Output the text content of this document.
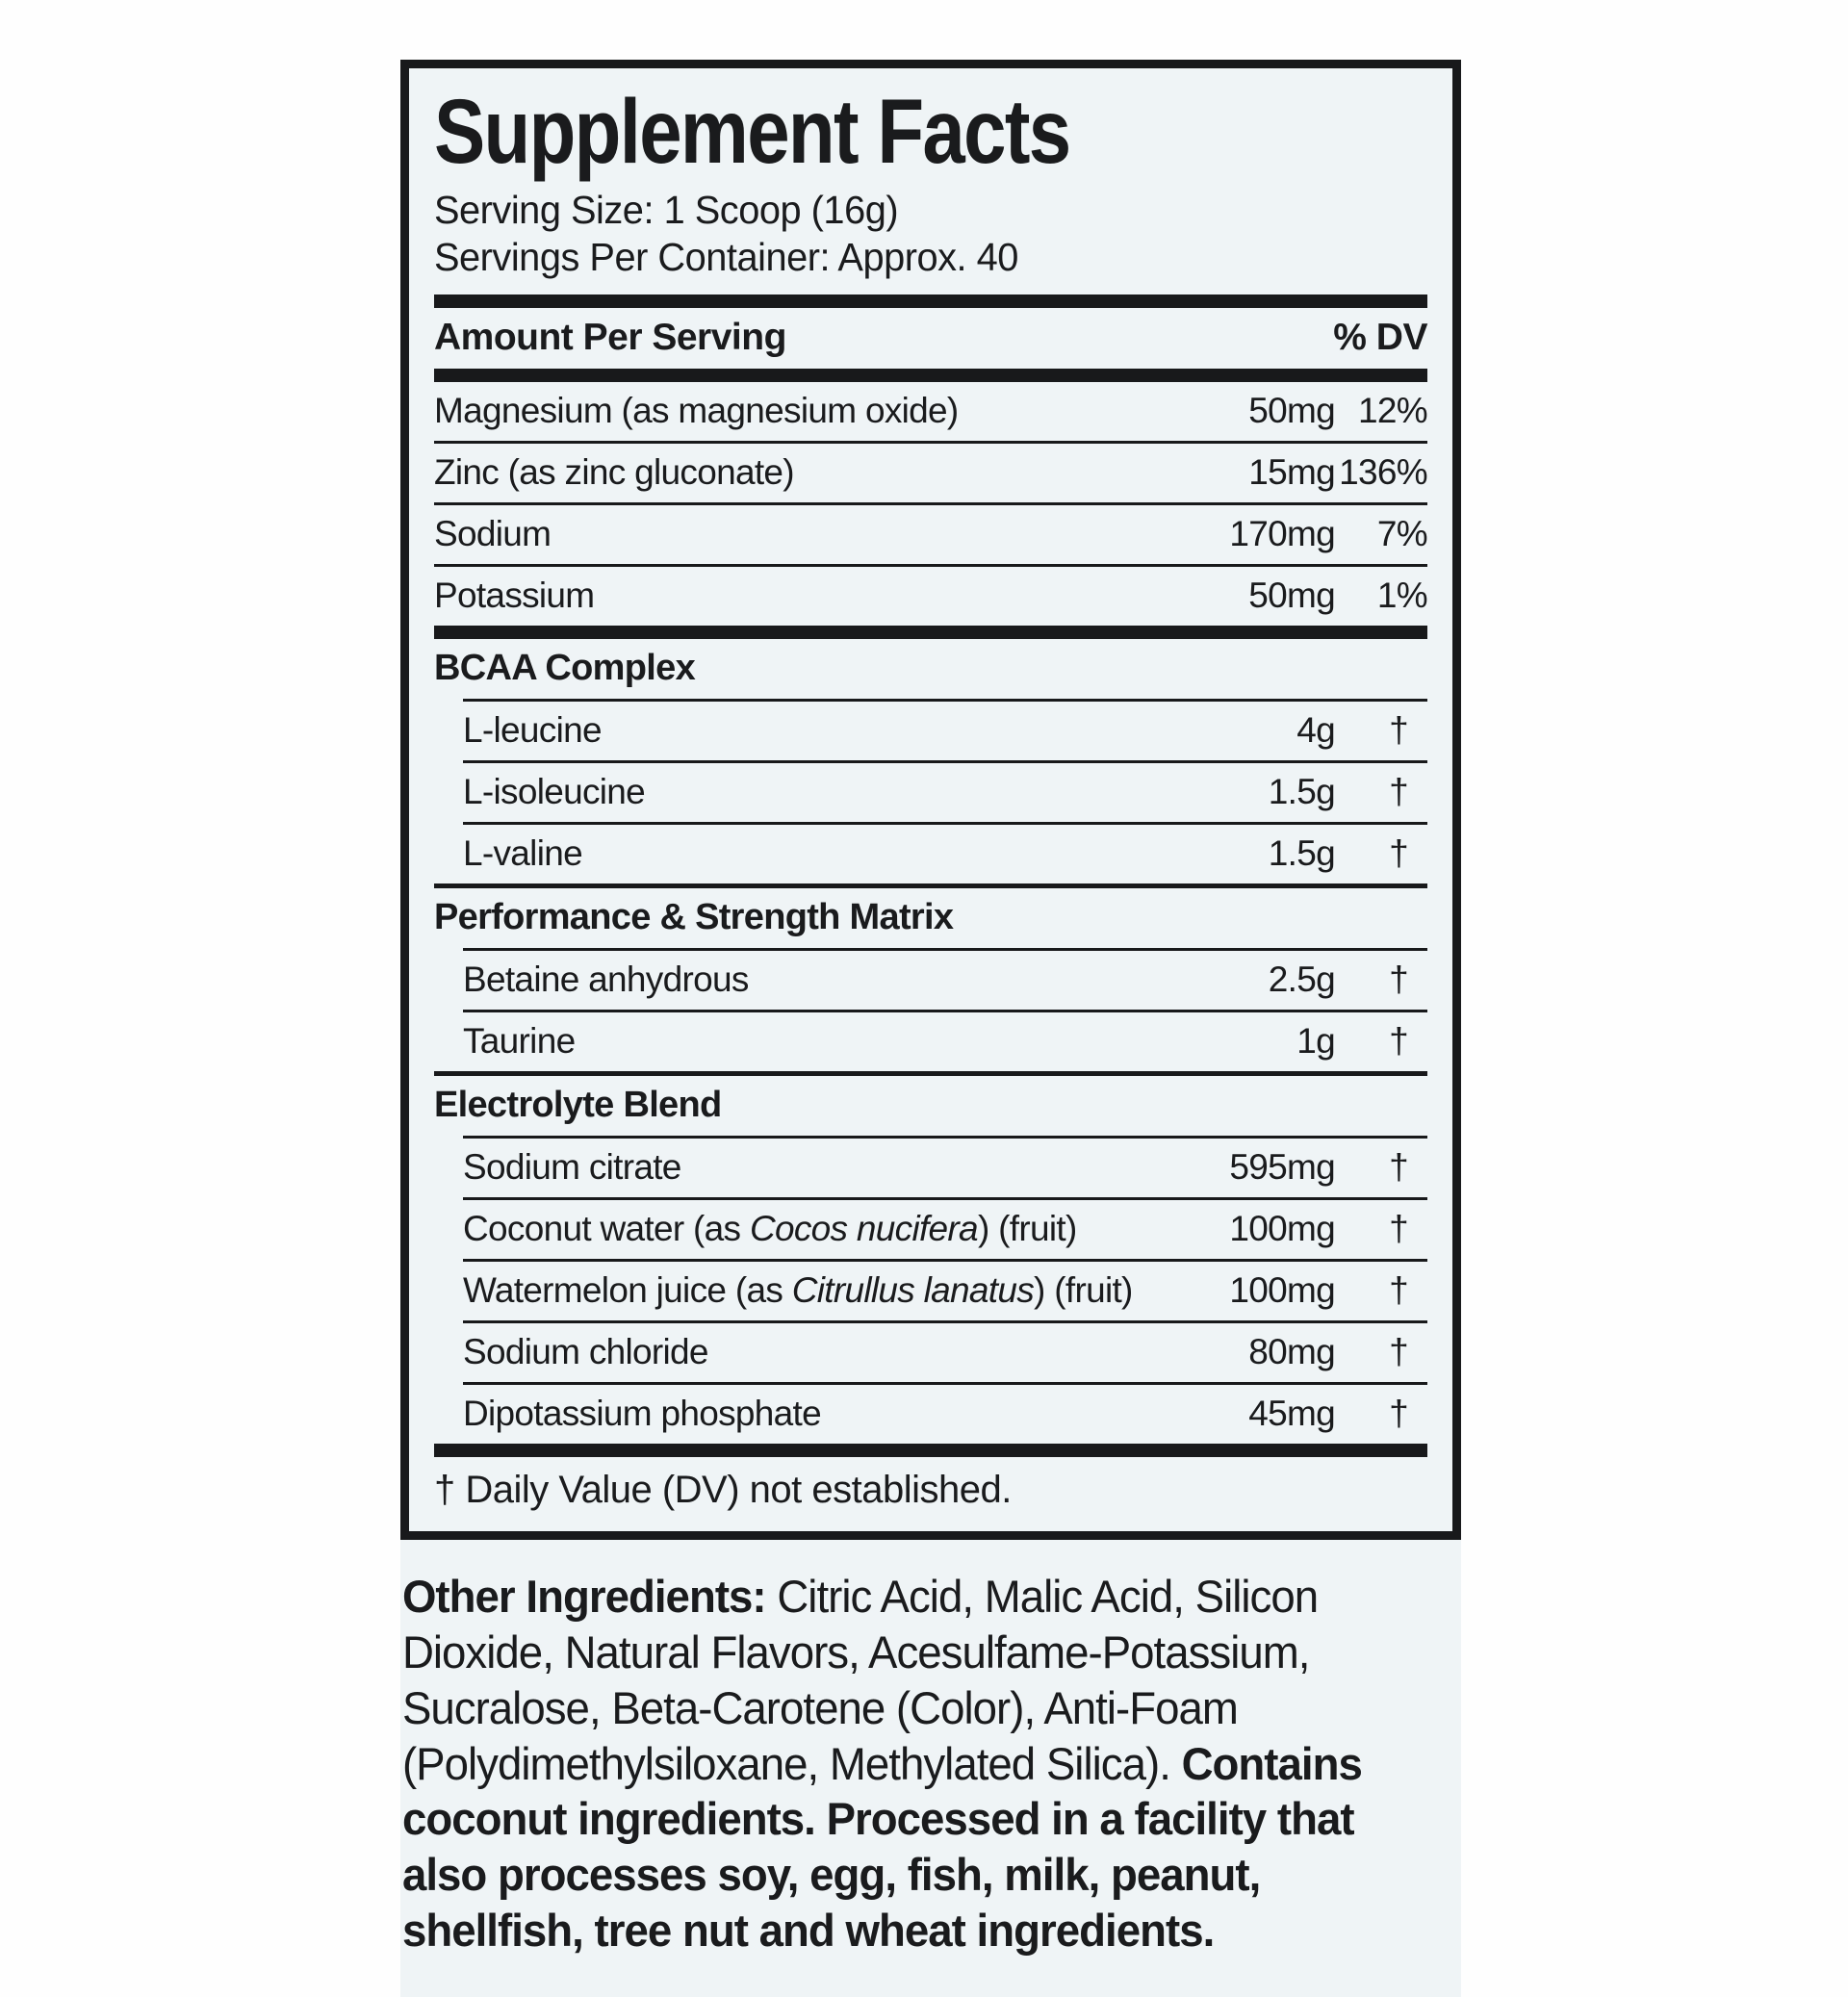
Supplement Facts
Serving Size: 1 Scoop (16g)
Servings Per Container: Approx. 40
Amount Per Serving	% DV
Magnesium (as magnesium oxide)	50mg 12%
Zinc (as zinc gluconate)	15mg 136%
Sodium	170mg	7%
Potassium	50mg	1%
BCAA Complex
L-leucine	4g	†
L-isoleucine	1.5g	†
L-valine	1.5g	†
Performance & Strength Matrix
Betaine anhydrous	2.5g	†
Taurine	1g	†
Electrolyte Blend
Sodium citrate	595mg	†
Coconut water (as Cocos nucifera) (fruit)	100mg	†
Watermelon juice (as Citrullus lanatus) (fruit)	100mg	†
Sodium chloride	80mg	†
Dipotassium phosphate	45mg	†
† Daily Value (DV) not established.
Other Ingredients: Citric Acid, Malic Acid, Silicon Dioxide, Natural Flavors, Acesulfame-Potassium, Sucralose, Beta-Carotene (Color), Anti-Foam (Polydimethylsiloxane, Methylated Silica). Contains coconut ingredients. Processed in a facility that also processes soy, egg, fish, milk, peanut, shellfish, tree nut and wheat ingredients.
